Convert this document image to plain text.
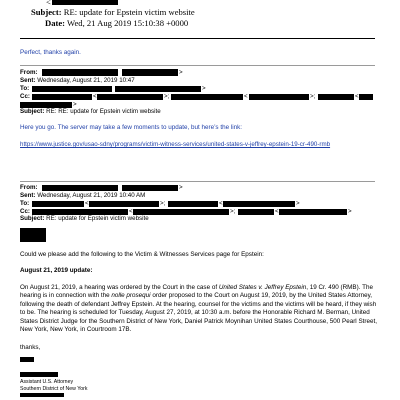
<
Subject: RE: update for Epstein victim website
Date: Wed, 21 Aug 2019 15:10:38 +0000
Perfect, thanks again.
From:	>
Sent: Wednesday, August 21, 2019 10:47
To:	>
Cc:	<	>;	<	>;	<
>
Subject: RE: RE: update for Epstein victim website
Here you go. The server may take a few moments to update, but here’s the link:
https://www.justice.gov/usao-sdny/programs/victim-witness-services/united-states-v-jeffrey-epstein-19-cr-490-rmb
From:	>
Sent: Wednesday, August 21, 2019 10:40 AM
To:	<	>;	<	>
Cc:	<	>;	<	>
Subject: RE: update for Epstein victim website
Could we please add the following to the Victim & Witnesses Services page for Epstein:
August 21, 2019 update:
On August 21, 2019, a hearing was ordered by the Court in the case of United States v. Jeffrey Epstein, 19 Cr. 490 (RMB). The hearing is in connection with the nolle prosequi order proposed to the Court on August 19, 2019, by the United States Attorney, following the death of defendant Jeffrey Epstein. At the hearing, counsel for the victims and the victims will be heard, if they wish to be. The hearing is scheduled for Tuesday, August 27, 2019, at 10:30 a.m. before the Honorable Richard M. Berman, United States District Judge for the Southern District of New York, Daniel Patrick Moynihan United States Courthouse, 500 Pearl Street, New York, New York, in Courtroom 17B.
thanks,
Assistant U.S. Attorney
Southern District of New York
